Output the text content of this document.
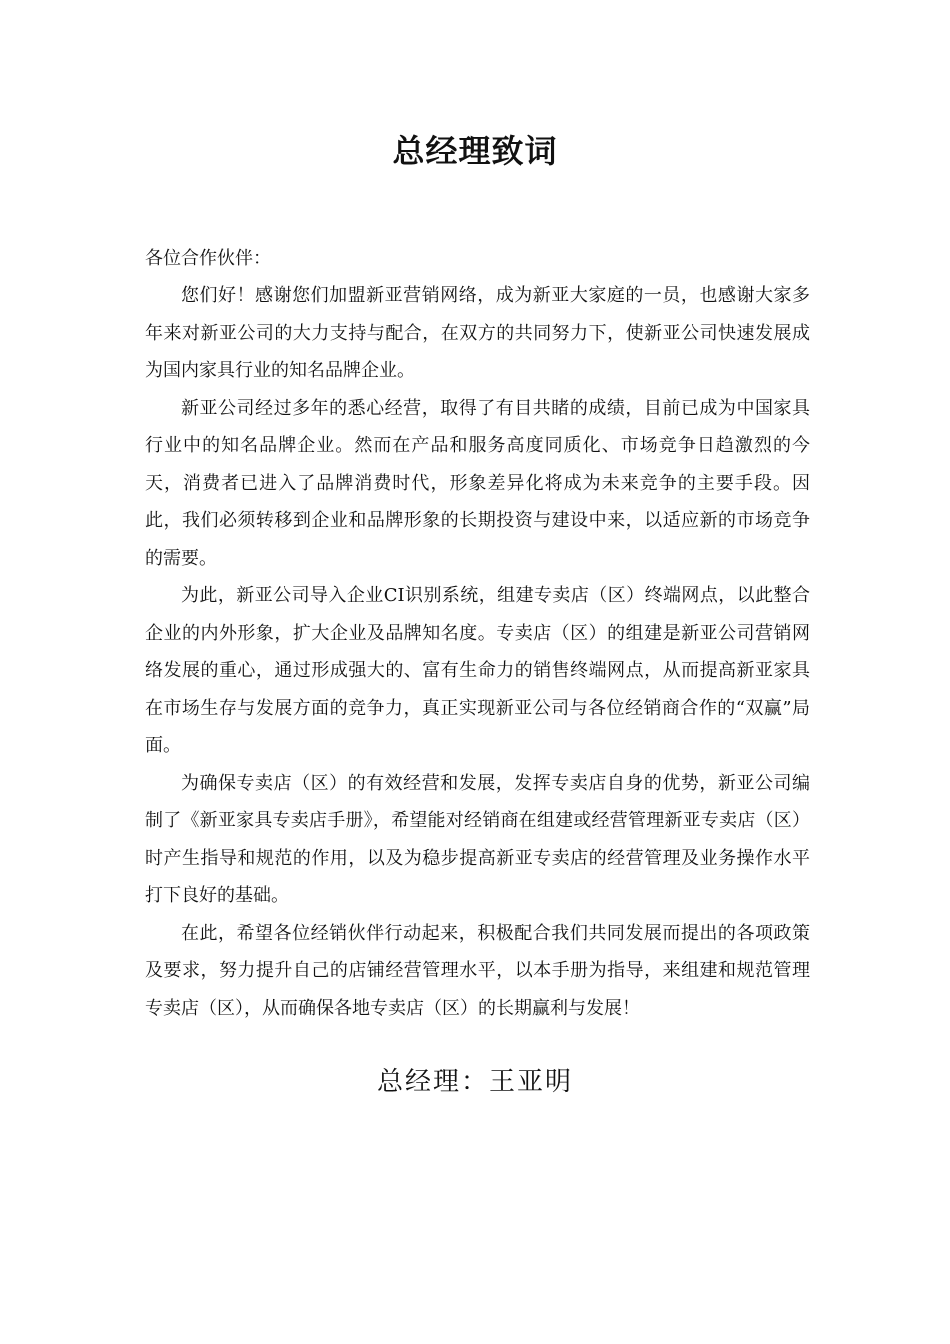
总经理致词
各位合作伙伴：

您们好！感谢您们加盟新亚营销网络，成为新亚大家庭的一员，也感谢大家多年来对新亚公司的大力支持与配合，在双方的共同努力下，使新亚公司快速发展成为国内家具行业的知名品牌企业。

新亚公司经过多年的悉心经营，取得了有目共睹的成绩，目前已成为中国家具行业中的知名品牌企业。然而在产品和服务高度同质化、市场竞争日趋激烈的今天，消费者已进入了品牌消费时代，形象差异化将成为未来竞争的主要手段。因此，我们必须转移到企业和品牌形象的长期投资与建设中来，以适应新的市场竞争的需要。

为此，新亚公司导入企业CI识别系统，组建专卖店（区）终端网点，以此整合企业的内外形象，扩大企业及品牌知名度。专卖店（区）的组建是新亚公司营销网络发展的重心，通过形成强大的、富有生命力的销售终端网点，从而提高新亚家具在市场生存与发展方面的竞争力，真正实现新亚公司与各位经销商合作的“双赢”局面。

为确保专卖店（区）的有效经营和发展，发挥专卖店自身的优势，新亚公司编制了《新亚家具专卖店手册》，希望能对经销商在组建或经营管理新亚专卖店（区）时产生指导和规范的作用，以及为稳步提高新亚专卖店的经营管理及业务操作水平打下良好的基础。

在此，希望各位经销伙伴行动起来，积极配合我们共同发展而提出的各项政策及要求，努力提升自己的店铺经营管理水平，以本手册为指导，来组建和规范管理专卖店（区），从而确保各地专卖店（区）的长期赢利与发展！

总经理：王亚明
